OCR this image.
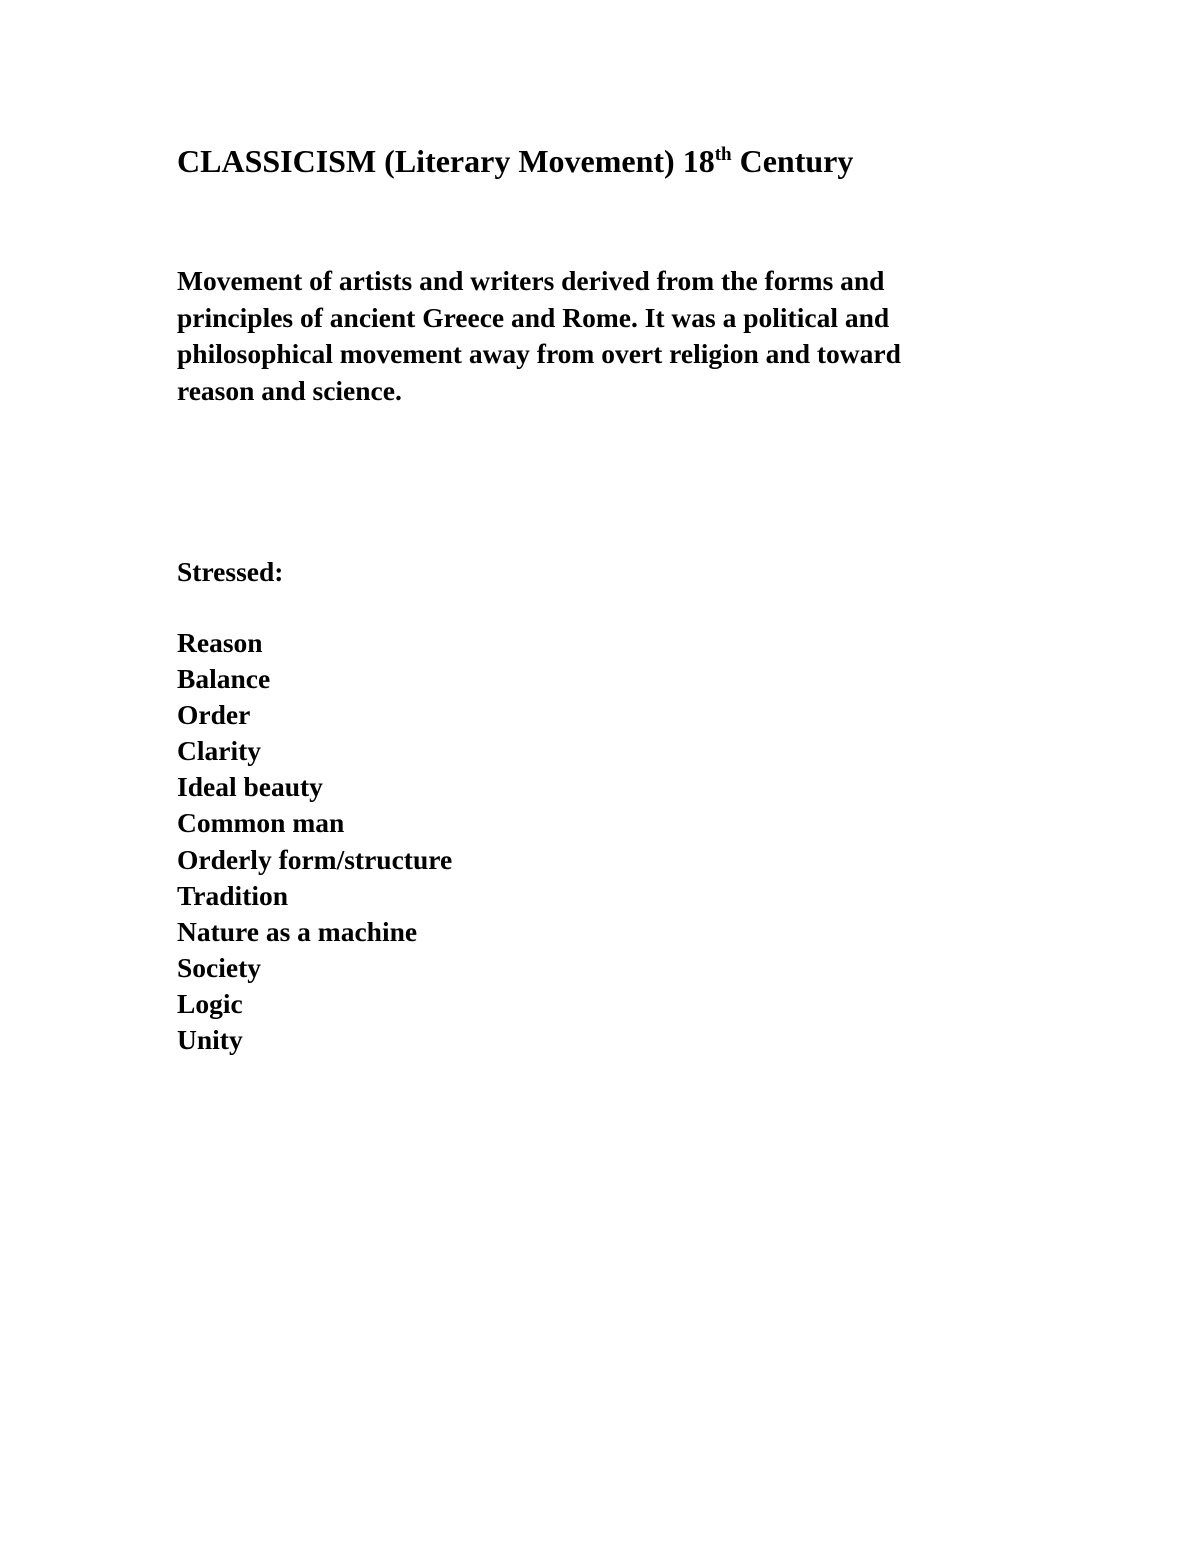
CLASSICISM (Literary Movement) 18th Century

Movement of artists and writers derived from the forms and
principles of ancient Greece and Rome. It was a political and
philosophical movement away from overt religion and toward
reason and science.

Stressed:

Reason
Balance
Order
Clarity
Ideal beauty
Common man
Orderly form/structure
Tradition
Nature as a machine
Society
Logic
Unity
